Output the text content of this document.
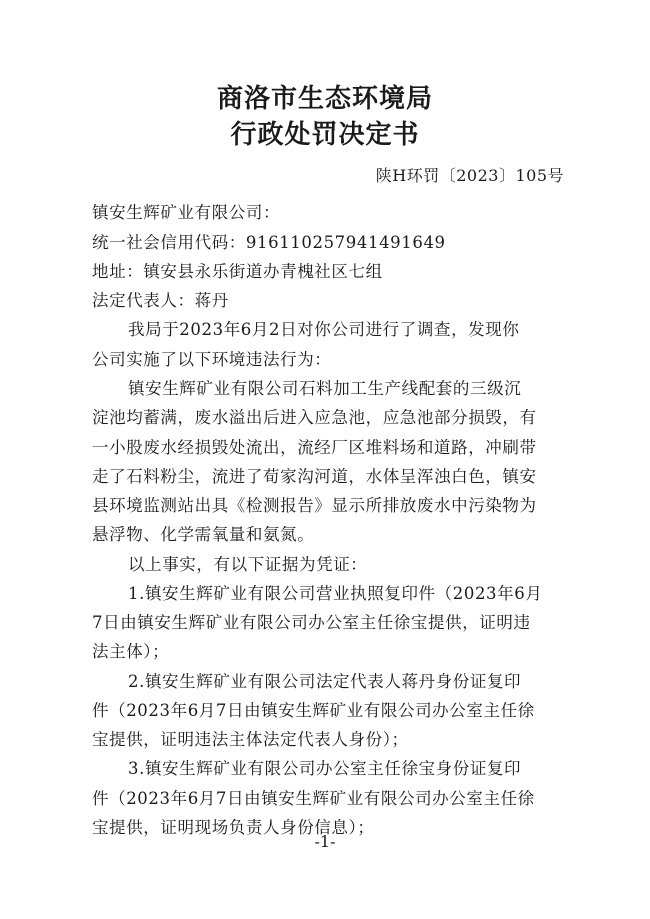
商洛市生态环境局
行政处罚决定书
陕H环罚〔2023〕105号
镇安生辉矿业有限公司：
统一社会信用代码：916110257941491649
地址：镇安县永乐街道办青槐社区七组
法定代表人：蒋丹
我局于2023年6月2日对你公司进行了调查，发现你
公司实施了以下环境违法行为：
镇安生辉矿业有限公司石料加工生产线配套的三级沉
淀池均蓄满，废水溢出后进入应急池，应急池部分损毁，有
一小股废水经损毁处流出，流经厂区堆料场和道路，冲刷带
走了石料粉尘，流进了荀家沟河道，水体呈浑浊白色，镇安
县环境监测站出具《检测报告》显示所排放废水中污染物为
悬浮物、化学需氧量和氨氮。
以上事实，有以下证据为凭证：
1.镇安生辉矿业有限公司营业执照复印件（2023年6月
7日由镇安生辉矿业有限公司办公室主任徐宝提供，证明违
法主体）；
2.镇安生辉矿业有限公司法定代表人蒋丹身份证复印
件（2023年6月7日由镇安生辉矿业有限公司办公室主任徐
宝提供，证明违法主体法定代表人身份）；
3.镇安生辉矿业有限公司办公室主任徐宝身份证复印
件（2023年6月7日由镇安生辉矿业有限公司办公室主任徐
宝提供，证明现场负责人身份信息）；
-1-
